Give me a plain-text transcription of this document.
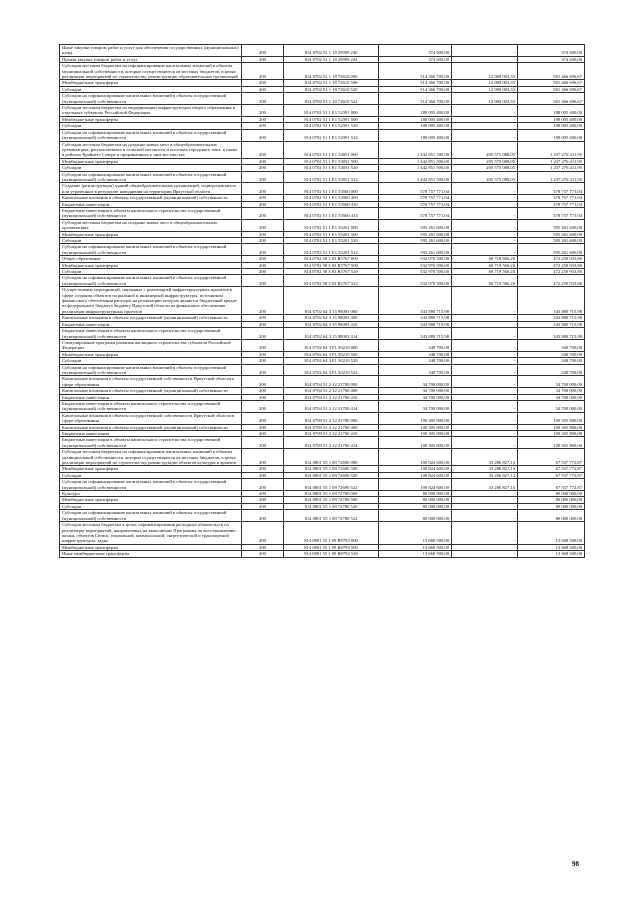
Иные закупки товаров, работ и услуг для обеспечения государственных (муниципальных) нужд	200	814 0702 51 1 18 29999 240	374 600,00	-	374 600,00
Прочая закупка товаров, работ и услуг	200	814 0702 51 1 18 29999 244	374 600,00	-	374 600,00
Субсидии местным бюджетам на софинансирование капитальных вложений в объекты муниципальной собственности, которые осуществляются из местных бюджетов, в целях реализации мероприятий по строительству, реконструкции образовательных организаций	200	814 0702 51 1 18 72610 000	514 366 700,00	12 900 003,33	501 466 696,67
Межбюджетные трансферты	200	814 0702 51 1 18 72610 500	514 366 700,00	12 900 003,33	501 466 696,67
Субсидии	200	814 0702 51 1 18 72610 520	514 366 700,00	12 900 003,33	501 466 696,67
Субсидии на софинансирование капитальных вложений в объекты государственной (муниципальной) собственности	200	814 0702 51 1 18 72610 522	514 366 700,00	12 900 003,33	501 466 696,67
Субсидии местным бюджетам на модернизацию инфраструктуры общего образования в отдельных субъектах Российской Федерации	200	814 0702 51 1 Е1 52391 000	188 005 400,00	-	188 005 400,00
Межбюджетные трансферты	200	814 0702 51 1 Е1 52391 500	188 005 400,00	-	188 005 400,00
Субсидии	200	814 0702 51 1 Е1 52391 520	188 005 400,00	-	188 005 400,00
Субсидии на софинансирование капитальных вложений в объекты государственной (муниципальной) собственности	200	814 0702 51 1 Е1 52391 522	188 005 400,00	-	188 005 400,00
Субсидии местным бюджетам на создание новых мест в общеобразовательных организациях, расположенных в сельской местности и поселках городского типа, а также в районах Крайнего Севера и приравненных к ним местностях	200	814 0702 51 1 Е1 53051 000	1 442 851 500,00	205 575 088,05	1 237 276 411,95
Межбюджетные трансферты	200	814 0702 51 1 Е1 53051 500	1 442 851 500,00	205 575 088,05	1 237 276 411,95
Субсидии	200	814 0702 51 1 Е1 53051 520	1 442 851 500,00	205 575 088,05	1 237 276 411,95
Субсидии на софинансирование капитальных вложений в объекты государственной (муниципальной) собственности	200	814 0702 51 1 Е1 53051 522	1 442 851 500,00	205 575 088,05	1 237 276 411,95
Создание (реконструкция) зданий общеобразовательных организаций, подвергнувшихся или утраченных в результате наводнения на территории Иркутской области	200	814 0702 51 1 Е1 53560 000	378 757 771,04	-	378 757 771,04
Капитальные вложения в объекты государственной (муниципальной) собственности	200	814 0702 51 1 Е1 53560 400	378 757 771,04	-	378 757 771,04
Бюджетные инвестиции	200	814 0702 51 1 Е1 53560 410	378 757 771,04	-	378 757 771,04
Бюджетные инвестиции в объекты капитального строительства государственной (муниципальной) собственности	200	814 0702 51 1 Е1 53560 414	378 757 771,04	-	378 757 771,04
Субсидии местным бюджетам на создание новых мест в общеобразовательных организациях	200	814 0702 51 1 Е1 55201 000	595 261 600,00	-	595 261 600,00
Межбюджетные трансферты	200	814 0702 51 1 Е1 55201 500	595 261 600,00	-	595 261 600,00
Субсидии	200	814 0702 51 1 Е1 55201 520	595 261 600,00	-	595 261 600,00
Субсидии на софинансирование капитальных вложений в объекты государственной (муниципальной) собственности	200	814 0702 51 1 Е1 55201 522	595 261 600,00	-	595 261 600,00
Общее образование	200	814 0702 58 3 03 R5767 000	532 970 500,00	60 719 566,20	472 250 933,80
Межбюджетные трансферты	200	814 0702 58 3 03 R5767 500	532 970 500,00	60 719 566,20	472 250 933,80
Субсидии	200	814 0702 58 3 03 R5767 520	532 970 500,00	60 719 566,20	472 250 933,80
Субсидии на софинансирование капитальных вложений в объекты государственной (муниципальной) собственности	200	814 0702 58 3 03 R5767 522	532 970 500,00	60 719 566,20	472 250 933,80
Осуществление мероприятий, связанных с реализацией инфраструктурных проектов в сфере создания объектов социальной и инженерной инфраструктуры, источником финансового обеспечения расходов на реализацию которых являются бюджетный кредит из федерального бюджета бюджету Иркутской области на финансовое обеспечение реализации инфраструктурных проектов	200	814 0702 64 3 15 98003 000	343 880 715,98	-	343 880 715,98
Капитальные вложения в объекты государственной (муниципальной) собственности	200	814 0702 64 3 15 98003 400	343 880 715,98	-	343 880 715,98
Бюджетные инвестиции	200	814 0702 64 3 15 98003 410	343 880 715,98	-	343 880 715,98
Бюджетные инвестиции в объекты капитального строительства государственной (муниципальной) собственности	200	814 0702 64 3 15 98003 414	343 880 715,98	-	343 880 715,98
Стимулирование программ развития жилищного строительства субъектов Российской Федерации	200	814 0702 64 3 F1 50210 000	348 700,00	-	348 700,00
Межбюджетные трансферты	200	814 0702 64 3 F1 50210 500	348 700,00	-	348 700,00
Субсидии	200	814 0702 64 3 F1 50210 520	348 700,00	-	348 700,00
Субсидии на софинансирование капитальных вложений в объекты государственной (муниципальной) собственности	200	814 0702 64 3 F1 50210 522	348 700,00	-	348 700,00
Капитальные вложения в объекты государственной собственности Иркутской области в сфере образования	200	814 0704 51 2 12 21700 000	34 700 000,00	-	34 700 000,00
Капитальные вложения в объекты государственной (муниципальной) собственности	200	814 0704 51 2 12 21700 400	34 700 000,00	-	34 700 000,00
Бюджетные инвестиции	200	814 0704 51 2 12 21700 410	34 700 000,00	-	34 700 000,00
Бюджетные инвестиции в объекты капитального строительства государственной (муниципальной) собственности	200	814 0704 51 2 12 21700 414	34 700 000,00	-	34 700 000,00
Капитальные вложения в объекты государственной собственности Иркутской области в сфере образования	200	814 0709 51 2 12 21700 000	100 305 800,00	-	100 305 800,00
Капитальные вложения в объекты государственной (муниципальной) собственности	200	814 0709 51 2 12 21700 400	100 305 800,00	-	100 305 800,00
Бюджетные инвестиции	200	814 0709 51 2 12 21700 410	100 305 800,00	-	100 305 800,00
Бюджетные инвестиции в объекты капитального строительства государственной (муниципальной) собственности	200	814 0709 51 2 12 21700 414	100 305 800,00	-	100 305 800,00
Субсидии местным бюджетам на софинансирование капитальных вложений в объекты муниципальной собственности, которые осуществляются из местных бюджетов, в целях реализации мероприятий по строительству, реконструкции объектов культуры и архивов	200	814 0801 55 1 09 72690 000	100 824 600,00	33 286 827,13	67 537 772,87
Межбюджетные трансферты	200	814 0801 55 1 09 72690 500	100 824 600,00	33 286 827,13	67 537 772,87
Субсидии	200	814 0801 55 1 09 72690 520	100 824 600,00	33 286 827,13	67 537 772,87
Субсидии на софинансирование капитальных вложений в объекты государственной (муниципальной) собственности	200	814 0801 55 1 09 72690 522	100 824 600,00	33 286 827,13	67 537 772,87
Культура	200	814 0801 55 1 09 72780 000	80 000 000,00	-	80 000 000,00
Межбюджетные трансферты	200	814 0801 55 1 09 72780 500	80 000 000,00	-	80 000 000,00
Субсидии	200	814 0801 55 1 09 72780 520	80 000 000,00	-	80 000 000,00
Субсидии на софинансирование капитальных вложений в объекты государственной (муниципальной) собственности	200	814 0801 55 1 09 72780 522	80 000 000,00	-	80 000 000,00
Субсидии местным бюджетам в целях софинансирования расходных обязательств по реализации мероприятий, направленных на выполнение Программы по восстановлению жилья, объектов Сюиск, социальной, коммунальной, энергетической и транспортной инфраструктуры, ладно	200	814 0801 55 1 09 R8793 000	13 668 500,00	-	13 668 500,00
Межбюджетные трансферты	200	814 0801 55 1 09 R8793 500	13 668 500,00	-	13 668 500,00
Иные межбюджетные трансферты	200	814 0801 55 1 09 R8793 540	13 668 500,00	-	13 668 500,00
98
